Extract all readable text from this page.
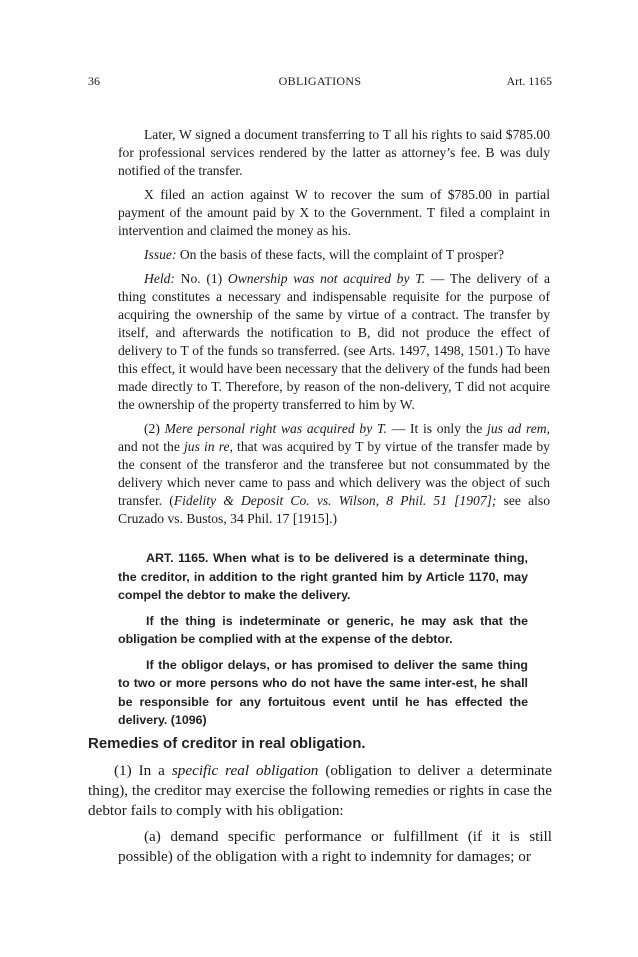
36	OBLIGATIONS	Art. 1165

Later, W signed a document transferring to T all his rights to said $785.00 for professional services rendered by the latter as attorney’s fee. B was duly notified of the transfer.

X filed an action against W to recover the sum of $785.00 in partial payment of the amount paid by X to the Government. T filed a complaint in intervention and claimed the money as his.

Issue: On the basis of these facts, will the complaint of T prosper?

Held: No. (1) Ownership was not acquired by T. — The delivery of a thing constitutes a necessary and indispensable requisite for the purpose of acquiring the ownership of the same by virtue of a contract. The transfer by itself, and afterwards the notification to B, did not produce the effect of delivery to T of the funds so transferred. (see Arts. 1497, 1498, 1501.) To have this effect, it would have been necessary that the delivery of the funds had been made directly to T. Therefore, by reason of the non-delivery, T did not acquire the ownership of the property transferred to him by W.

(2) Mere personal right was acquired by T. — It is only the jus ad rem, and not the jus in re, that was acquired by T by virtue of the transfer made by the consent of the transferor and the transferee but not consummated by the delivery which never came to pass and which delivery was the object of such transfer. (Fidelity & Deposit Co. vs. Wilson, 8 Phil. 51 [1907]; see also Cruzado vs. Bustos, 34 Phil. 17 [1915].)

ART. 1165. When what is to be delivered is a determinate thing, the creditor, in addition to the right granted him by Article 1170, may compel the debtor to make the delivery.

If the thing is indeterminate or generic, he may ask that the obligation be complied with at the expense of the debtor.

If the obligor delays, or has promised to deliver the same thing to two or more persons who do not have the same inter-est, he shall be responsible for any fortuitous event until he has effected the delivery. (1096)

Remedies of creditor in real obligation.

(1) In a specific real obligation (obligation to deliver a determinate thing), the creditor may exercise the following remedies or rights in case the debtor fails to comply with his obligation:

(a) demand specific performance or fulfillment (if it is still possible) of the obligation with a right to indemnity for damages; or
